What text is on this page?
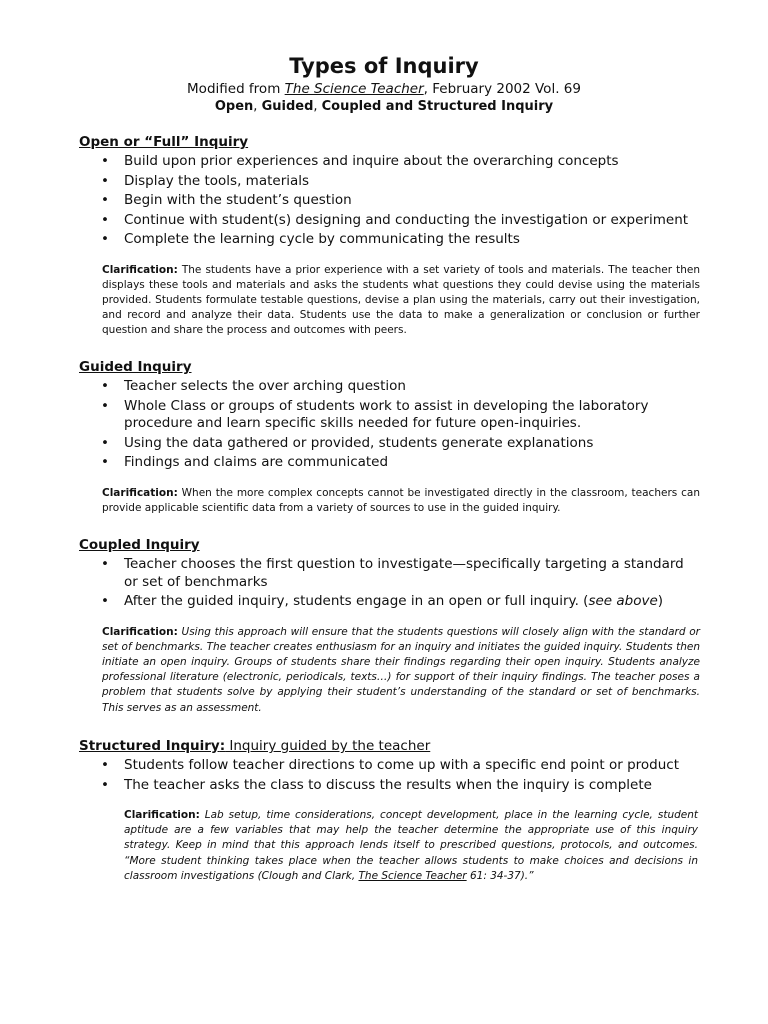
Types of Inquiry

Modified from The Science Teacher, February 2002 Vol. 69

Open, Guided, Coupled and Structured Inquiry

Open or “Full” Inquiry
• Build upon prior experiences and inquire about the overarching concepts
• Display the tools, materials
• Begin with the student’s question
• Continue with student(s) designing and conducting the investigation or experiment
• Complete the learning cycle by communicating the results

Clarification: The students have a prior experience with a set variety of tools and materials. The teacher then displays these tools and materials and asks the students what questions they could devise using the materials provided. Students formulate testable questions, devise a plan using the materials, carry out their investigation, and record and analyze their data. Students use the data to make a generalization or conclusion or further question and share the process and outcomes with peers.

Guided Inquiry
• Teacher selects the over arching question
• Whole Class or groups of students work to assist in developing the laboratory procedure and learn specific skills needed for future open-inquiries.
• Using the data gathered or provided, students generate explanations
• Findings and claims are communicated

Clarification: When the more complex concepts cannot be investigated directly in the classroom, teachers can provide applicable scientific data from a variety of sources to use in the guided inquiry.

Coupled Inquiry
• Teacher chooses the first question to investigate—specifically targeting a standard or set of benchmarks
• After the guided inquiry, students engage in an open or full inquiry. (see above)

Clarification: Using this approach will ensure that the students questions will closely align with the standard or set of benchmarks. The teacher creates enthusiasm for an inquiry and initiates the guided inquiry. Students then initiate an open inquiry. Groups of students share their findings regarding their open inquiry. Students analyze professional literature (electronic, periodicals, texts…) for support of their inquiry findings. The teacher poses a problem that students solve by applying their student’s understanding of the standard or set of benchmarks. This serves as an assessment.

Structured Inquiry: Inquiry guided by the teacher
• Students follow teacher directions to come up with a specific end point or product
• The teacher asks the class to discuss the results when the inquiry is complete

Clarification: Lab setup, time considerations, concept development, place in the learning cycle, student aptitude are a few variables that may help the teacher determine the appropriate use of this inquiry strategy. Keep in mind that this approach lends itself to prescribed questions, protocols, and outcomes. “More student thinking takes place when the teacher allows students to make choices and decisions in classroom investigations (Clough and Clark, The Science Teacher 61: 34-37).”
